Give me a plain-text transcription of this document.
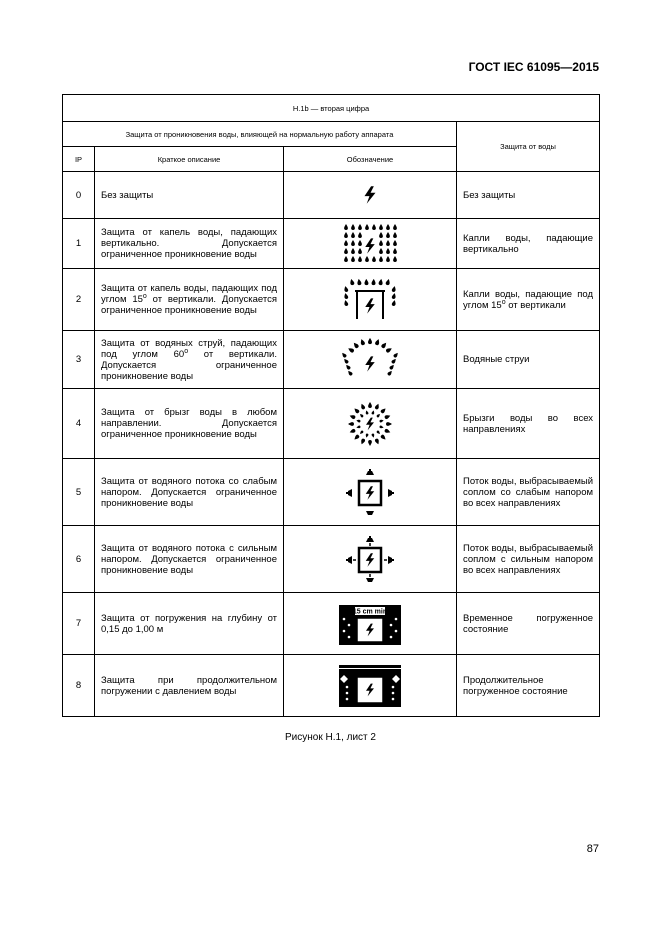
ГОСТ IEC 61095—2015
H.1b — вторая цифра			
Защита от проникновения воды, влияющей на нормальную работу аппарата			Защита от воды
IP	Краткое описание	Обозначение	
0	Без защиты		Без защиты
1	Защита от капель воды, падающих вертикально. Допускается ограниченное проникновение воды		Капли воды, падающие вертикально
2	Защита от капель воды, падающих под углом $15^о$ от вертикали. Допускается ограниченное проникновение воды		Капли воды, падающие под углом $15^о$ от вертикали
3	Защита от водяных струй, падающих под углом $60^о$ от вертикали. Допускается ограниченное проникновение воды		Водяные струи
4	Защита от брызг воды в любом направлении. Допускается ограниченное проникновение воды		Брызги воды во всех направлениях
5	Защита от водяного потока со слабым напором. Допускается ограниченное проникновение воды		Поток воды, выбрасываемый соплом со слабым напором во всех направлениях
6	Защита от водяного потока с сильным напором. Допускается ограниченное проникновение воды		Поток воды, выбрасываемый соплом с сильным напором во всех направлениях
7	Защита от погружения на глубину от 0,15 до 1,00 м	15 cm min	Временное погруженное состояние
8	Защита при продолжительном погружении с давлением воды		Продолжительное погруженное состояние
Рисунок Н.1, лист 2
87
